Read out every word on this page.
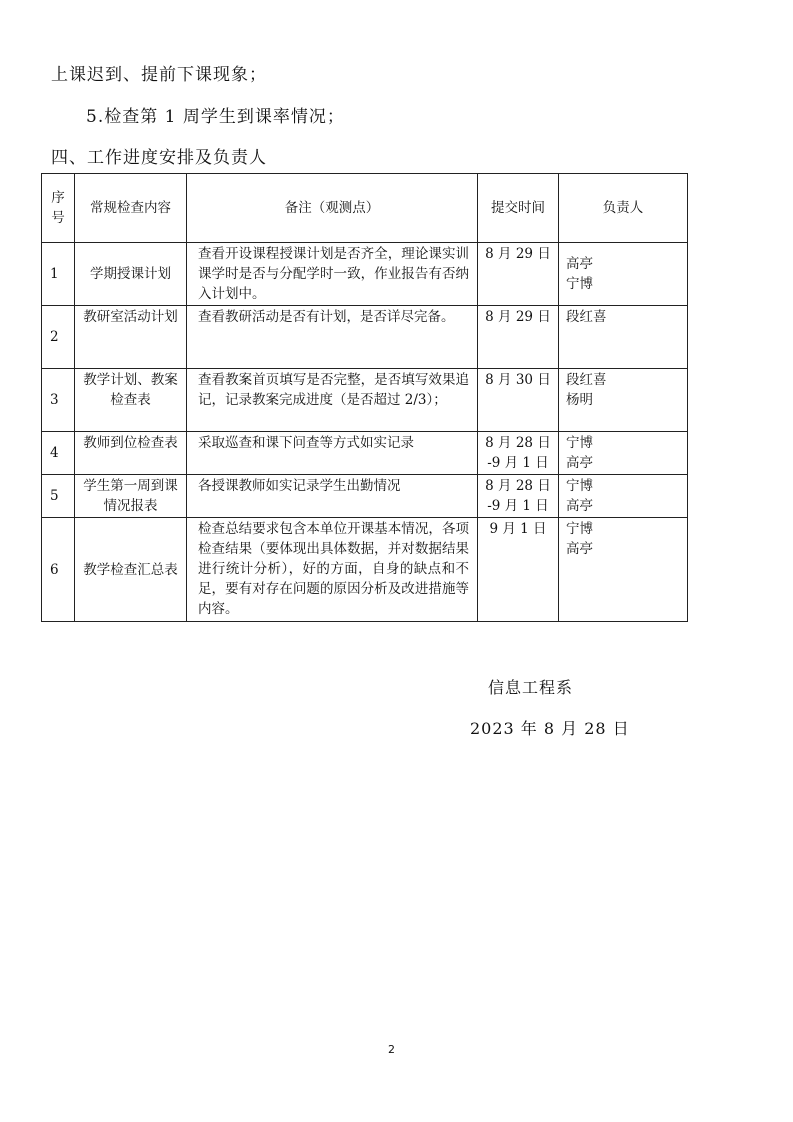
上课迟到、提前下课现象；
5.检查第 1 周学生到课率情况；
四、工作进度安排及负责人
序
号	常规检查内容	备注（观测点）	提交时间	负责人
1	学期授课计划	查看开设课程授课计划是否齐全，理论课实训课学时是否与分配学时一致，作业报告有否纳入计划中。	8 月 29 日	高亭
宁博

2	教研室活动计划	查看教研活动是否有计划，是否详尽完备。	8 月 29 日	段红喜

3	教学计划、教案检查表	查看教案首页填写是否完整，是否填写效果追记，记录教案完成进度（是否超过 2/3）；	8 月 30 日	段红喜
杨明

4	教师到位检查表	采取巡查和课下问查等方式如实记录	8 月 28 日
-9 月 1 日	宁博
高亭

5	学生第一周到课情况报表	各授课教师如实记录学生出勤情况	8 月 28 日
-9 月 1 日	宁博
高亭

6	教学检查汇总表	检查总结要求包含本单位开课基本情况，各项检查结果（要体现出具体数据，并对数据结果进行统计分析），好的方面，自身的缺点和不足，要有对存在问题的原因分析及改进措施等内容。	9 月 1 日	宁博
高亭
信息工程系
2023 年 8 月 28 日
2
